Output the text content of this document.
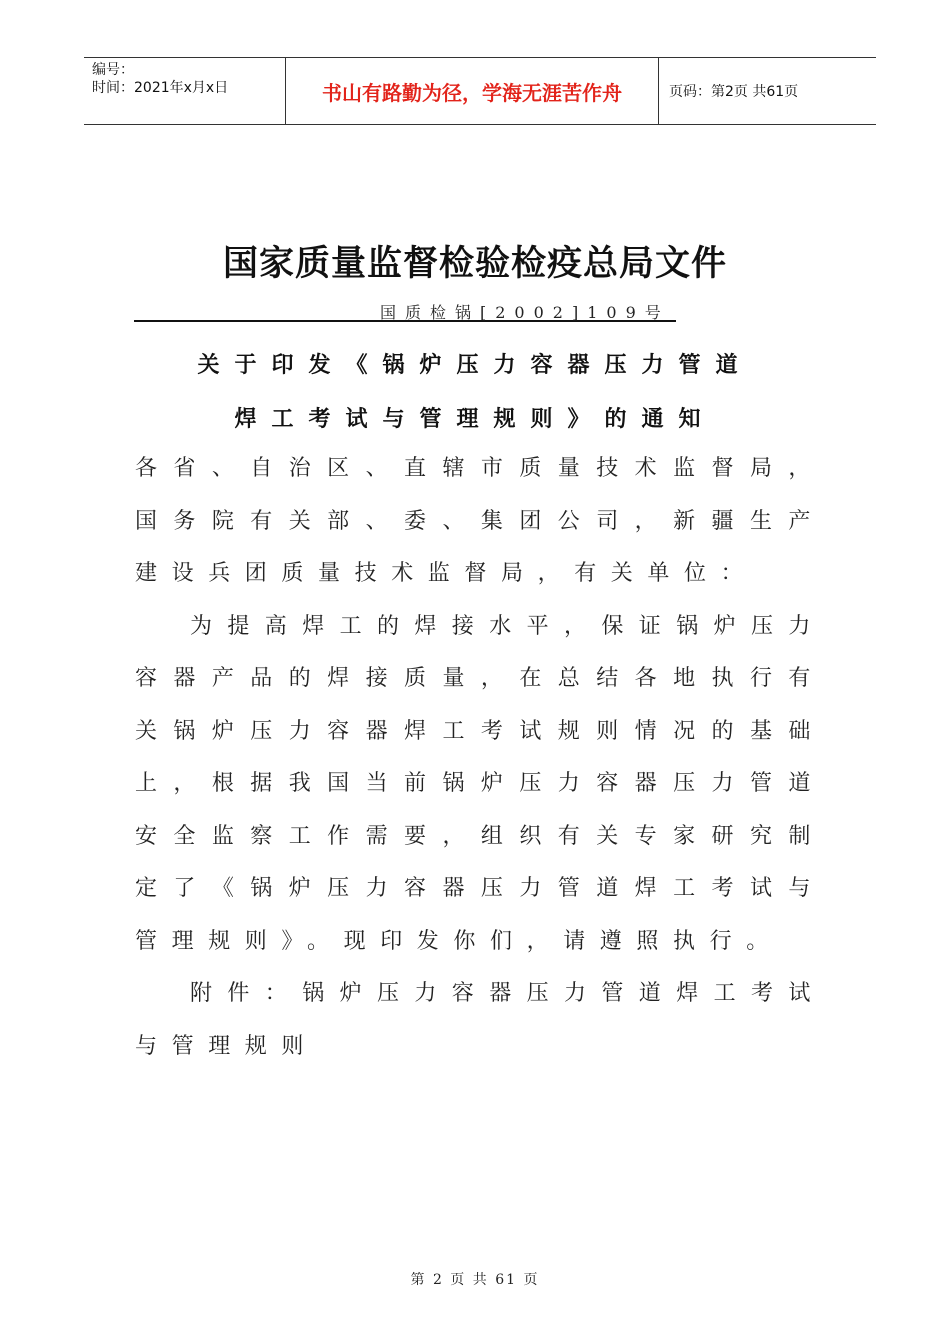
编号：
时间：2021年x月x日	书山有路勤为径，学海无涯苦作舟	页码：第2页 共61页
国家质量监督检验检疫总局文件
国质检锅[2002]109号
关于印发《锅炉压力容器压力管道
焊工考试与管理规则》的通知

各省、自治区、直辖市质量技术监督局，国务院有关部、委、集团公司，新疆生产建设兵团质量技术监督局，有关单位：

为提高焊工的焊接水平，保证锅炉压力容器产品的焊接质量，在总结各地执行有关锅炉压力容器焊工考试规则情况的基础上，根据我国当前锅炉压力容器压力管道安全监察工作需要，组织有关专家研究制定了《锅炉压力容器压力管道焊工考试与管理规则》。现印发你们，请遵照执行。

附件：锅炉压力容器压力管道焊工考试与管理规则

第 2 页 共 61 页
